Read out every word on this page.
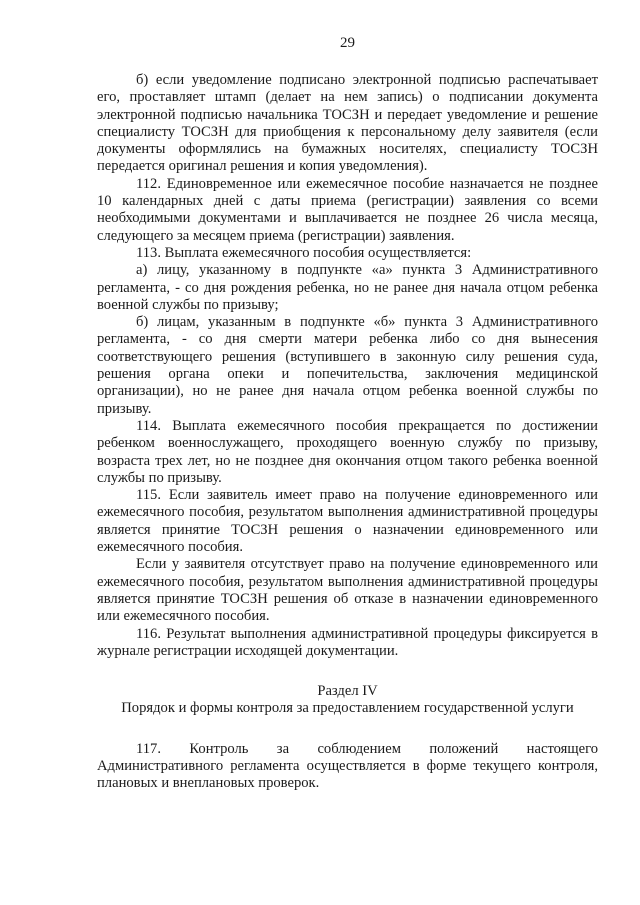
29

б) если уведомление подписано электронной подписью распечатывает его, проставляет штамп (делает на нем запись) о подписании документа электронной подписью начальника ТОСЗН и передает уведомление и решение специалисту ТОСЗН для приобщения к персональному делу заявителя (если документы оформлялись на бумажных носителях, специалисту ТОСЗН передается оригинал решения и копия уведомления).

112. Единовременное или ежемесячное пособие назначается не позднее 10 календарных дней с даты приема (регистрации) заявления со всеми необходимыми документами и выплачивается не позднее 26 числа месяца, следующего за месяцем приема (регистрации) заявления.

113. Выплата ежемесячного пособия осуществляется:

а) лицу, указанному в подпункте «а» пункта 3 Административного регламента, - со дня рождения ребенка, но не ранее дня начала отцом ребенка военной службы по призыву;

б) лицам, указанным в подпункте «б» пункта 3 Административного регламента, - со дня смерти матери ребенка либо со дня вынесения соответствующего решения (вступившего в законную силу решения суда, решения органа опеки и попечительства, заключения медицинской организации), но не ранее дня начала отцом ребенка военной службы по призыву.

114. Выплата ежемесячного пособия прекращается по достижении ребенком военнослужащего, проходящего военную службу по призыву, возраста трех лет, но не позднее дня окончания отцом такого ребенка военной службы по призыву.

115. Если заявитель имеет право на получение единовременного или ежемесячного пособия, результатом выполнения административной процедуры является принятие ТОСЗН решения о назначении единовременного или ежемесячного пособия.

Если у заявителя отсутствует право на получение единовременного или ежемесячного пособия, результатом выполнения административной процедуры является принятие ТОСЗН решения об отказе в назначении единовременного или ежемесячного пособия.

116. Результат выполнения административной процедуры фиксируется в журнале регистрации исходящей документации.

Раздел IV
Порядок и формы контроля за предоставлением государственной услуги

117. Контроль за соблюдением положений настоящего Административного регламента осуществляется в форме текущего контроля, плановых и внеплановых проверок.
